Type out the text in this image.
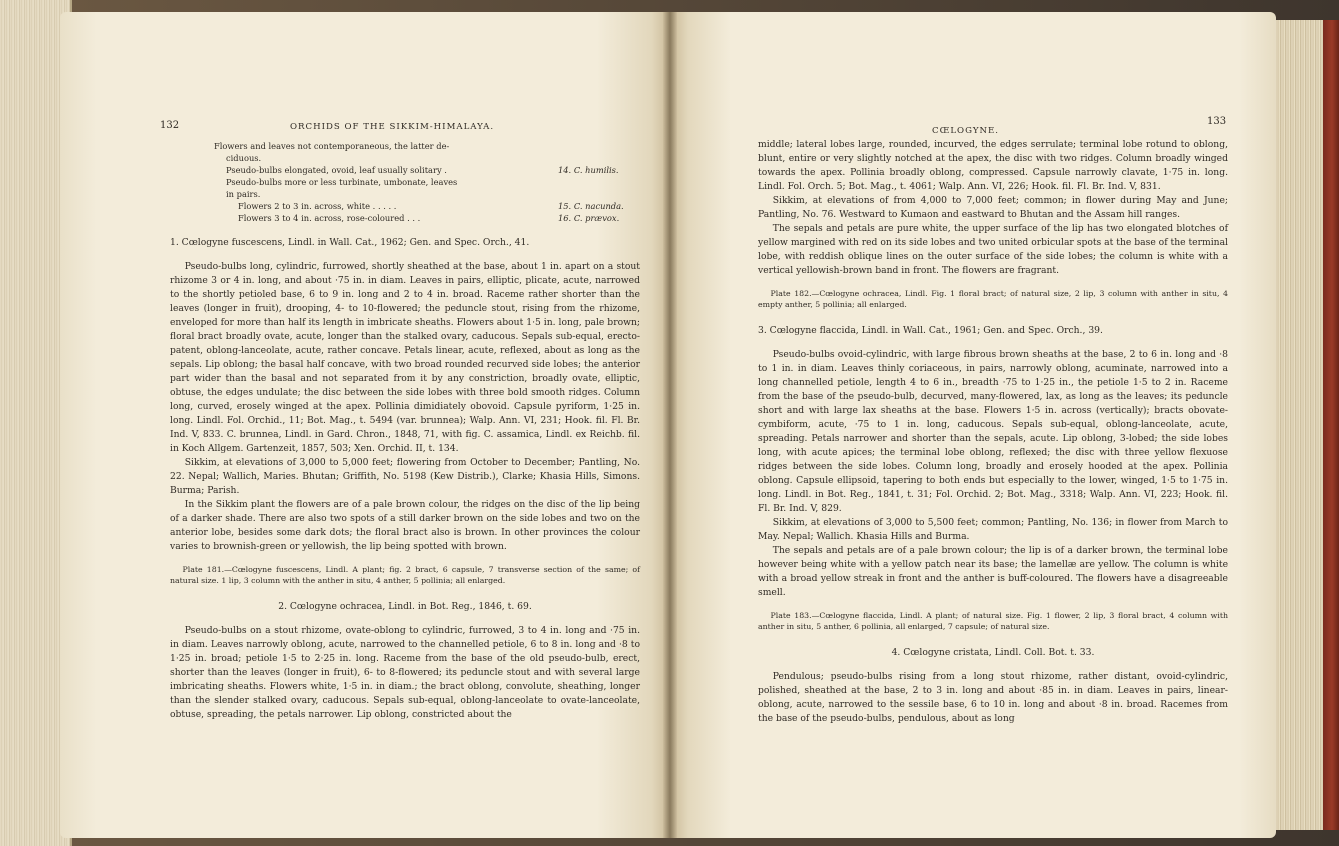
132	ORCHIDS OF THE SIKKIM-HIMALAYA.
Flowers and leaves not contemporaneous, the latter de-
ciduous.
Pseudo-bulbs elongated, ovoid, leaf usually solitary .	14. C. humilis.
Pseudo-bulbs more or less turbinate, umbonate, leaves
in pairs.
Flowers 2 to 3 in. across, white . . . . .	15. C. nacunda.
Flowers 3 to 4 in. across, rose-coloured . . .	16. C. prævox.

1. Cœlogyne fuscescens, Lindl. in Wall. Cat., 1962; Gen. and Spec. Orch., 41.

Pseudo-bulbs long, cylindric, furrowed, shortly sheathed at the base, about 1 in. apart on a stout rhizome 3 or 4 in. long, and about ·75 in. in diam. Leaves in pairs, elliptic, plicate, acute, narrowed to the shortly petioled base, 6 to 9 in. long and 2 to 4 in. broad. Raceme rather shorter than the leaves (longer in fruit), drooping, 4- to 10-flowered; the peduncle stout, rising from the rhizome, enveloped for more than half its length in imbricate sheaths. Flowers about 1·5 in. long, pale brown; floral bract broadly ovate, acute, longer than the stalked ovary, caducous. Sepals sub-equal, erecto-patent, oblong-lanceolate, acute, rather concave. Petals linear, acute, reflexed, about as long as the sepals. Lip oblong; the basal half concave, with two broad rounded recurved side lobes; the anterior part wider than the basal and not separated from it by any constriction, broadly ovate, elliptic, obtuse, the edges undulate; the disc between the side lobes with three bold smooth ridges. Column long, curved, erosely winged at the apex. Pollinia dimidiately obovoid. Capsule pyriform, 1·25 in. long. Lindl. Fol. Orchid., 11; Bot. Mag., t. 5494 (var. brunnea); Walp. Ann. VI, 231; Hook. fil. Fl. Br. Ind. V, 833. C. brunnea, Lindl. in Gard. Chron., 1848, 71, with fig. C. assamica, Lindl. ex Reichb. fil. in Koch Allgem. Gartenzeit, 1857, 503; Xen. Orchid. II, t. 134.

Sikkim, at elevations of 3,000 to 5,000 feet; flowering from October to December; Pantling, No. 22. Nepal; Wallich, Maries. Bhutan; Griffith, No. 5198 (Kew Distrib.), Clarke; Khasia Hills, Simons. Burma; Parish.

In the Sikkim plant the flowers are of a pale brown colour, the ridges on the disc of the lip being of a darker shade. There are also two spots of a still darker brown on the side lobes and two on the anterior lobe, besides some dark dots; the floral bract also is brown. In other provinces the colour varies to brownish-green or yellowish, the lip being spotted with brown.

Plate 181.—Cœlogyne fuscescens, Lindl. A plant; fig. 2 bract, 6 capsule, 7 transverse section of the same; of natural size. 1 lip, 3 column with the anther in situ, 4 anther, 5 pollinia; all enlarged.

2. Cœlogyne ochracea, Lindl. in Bot. Reg., 1846, t. 69.

Pseudo-bulbs on a stout rhizome, ovate-oblong to cylindric, furrowed, 3 to 4 in. long and ·75 in. in diam. Leaves narrowly oblong, acute, narrowed to the channelled petiole, 6 to 8 in. long and ·8 to 1·25 in. broad; petiole 1·5 to 2·25 in. long. Raceme from the base of the old pseudo-bulb, erect, shorter than the leaves (longer in fruit), 6- to 8-flowered; its peduncle stout and with several large imbricating sheaths. Flowers white, 1·5 in. in diam.; the bract oblong, convolute, sheathing, longer than the slender stalked ovary, caducous. Sepals sub-equal, oblong-lanceolate to ovate-lanceolate, obtuse, spreading, the petals narrower. Lip oblong, constricted about the

CŒLOGYNE.
133

middle; lateral lobes large, rounded, incurved, the edges serrulate; terminal lobe rotund to oblong, blunt, entire or very slightly notched at the apex, the disc with two ridges. Column broadly winged towards the apex. Pollinia broadly oblong, compressed. Capsule narrowly clavate, 1·75 in. long. Lindl. Fol. Orch. 5; Bot. Mag., t. 4061; Walp. Ann. VI, 226; Hook. fil. Fl. Br. Ind. V, 831.

Sikkim, at elevations of from 4,000 to 7,000 feet; common; in flower during May and June; Pantling, No. 76. Westward to Kumaon and eastward to Bhutan and the Assam hill ranges.

The sepals and petals are pure white, the upper surface of the lip has two elongated blotches of yellow margined with red on its side lobes and two united orbicular spots at the base of the terminal lobe, with reddish oblique lines on the outer surface of the side lobes; the column is white with a vertical yellowish-brown band in front. The flowers are fragrant.

Plate 182.—Cœlogyne ochracea, Lindl. Fig. 1 floral bract; of natural size, 2 lip, 3 column with anther in situ, 4 empty anther, 5 pollinia; all enlarged.

3. Cœlogyne flaccida, Lindl. in Wall. Cat., 1961; Gen. and Spec. Orch., 39.

Pseudo-bulbs ovoid-cylindric, with large fibrous brown sheaths at the base, 2 to 6 in. long and ·8 to 1 in. in diam. Leaves thinly coriaceous, in pairs, narrowly oblong, acuminate, narrowed into a long channelled petiole, length 4 to 6 in., breadth ·75 to 1·25 in., the petiole 1·5 to 2 in. Raceme from the base of the pseudo-bulb, decurved, many-flowered, lax, as long as the leaves; its peduncle short and with large lax sheaths at the base. Flowers 1·5 in. across (vertically); bracts obovate-cymbiform, acute, ·75 to 1 in. long, caducous. Sepals sub-equal, oblong-lanceolate, acute, spreading. Petals narrower and shorter than the sepals, acute. Lip oblong, 3-lobed; the side lobes long, with acute apices; the terminal lobe oblong, reflexed; the disc with three yellow flexuose ridges between the side lobes. Column long, broadly and erosely hooded at the apex. Pollinia oblong. Capsule ellipsoid, tapering to both ends but especially to the lower, winged, 1·5 to 1·75 in. long. Lindl. in Bot. Reg., 1841, t. 31; Fol. Orchid. 2; Bot. Mag., 3318; Walp. Ann. VI, 223; Hook. fil. Fl. Br. Ind. V, 829.

Sikkim, at elevations of 3,000 to 5,500 feet; common; Pantling, No. 136; in flower from March to May. Nepal; Wallich. Khasia Hills and Burma.

The sepals and petals are of a pale brown colour; the lip is of a darker brown, the terminal lobe however being white with a yellow patch near its base; the lamellæ are yellow. The column is white with a broad yellow streak in front and the anther is buff-coloured. The flowers have a disagreeable smell.

Plate 183.—Cœlogyne flaccida, Lindl. A plant; of natural size. Fig. 1 flower, 2 lip, 3 floral bract, 4 column with anther in situ, 5 anther, 6 pollinia, all enlarged, 7 capsule; of natural size.

4. Cœlogyne cristata, Lindl. Coll. Bot. t. 33.

Pendulous; pseudo-bulbs rising from a long stout rhizome, rather distant, ovoid-cylindric, polished, sheathed at the base, 2 to 3 in. long and about ·85 in. in diam. Leaves in pairs, linear-oblong, acute, narrowed to the sessile base, 6 to 10 in. long and about ·8 in. broad. Racemes from the base of the pseudo-bulbs, pendulous, about as long
